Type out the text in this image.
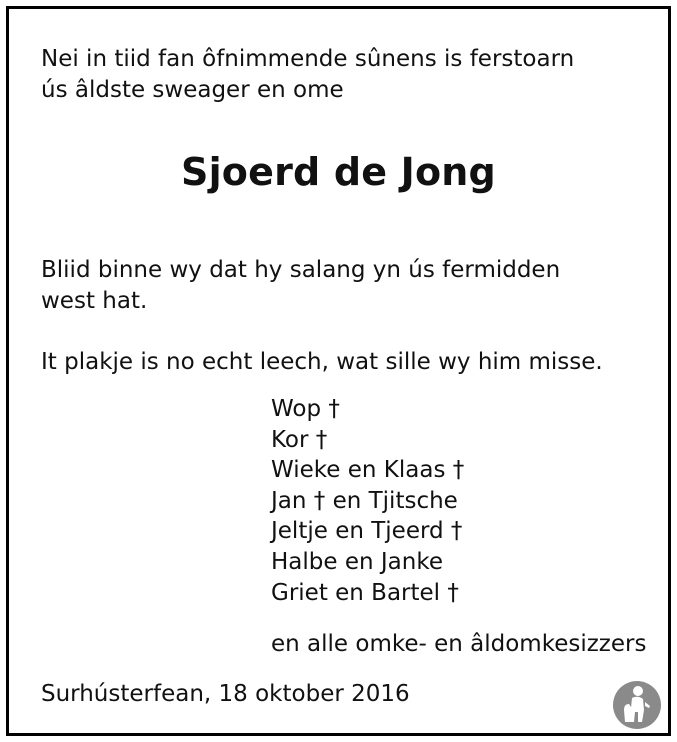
Nei in tiid fan ôfnimmende sûnens is ferstoarn
ús âldste sweager en ome
Sjoerd de Jong
Bliid binne wy dat hy salang yn ús fermidden
west hat.
It plakje is no echt leech, wat sille wy him misse.
Wop †
Kor †
Wieke en Klaas †
Jan † en Tjitsche
Jeltje en Tjeerd †
Halbe en Janke
Griet en Bartel †
en alle omke- en âldomkesizzers
Surhústerfean, 18 oktober 2016
